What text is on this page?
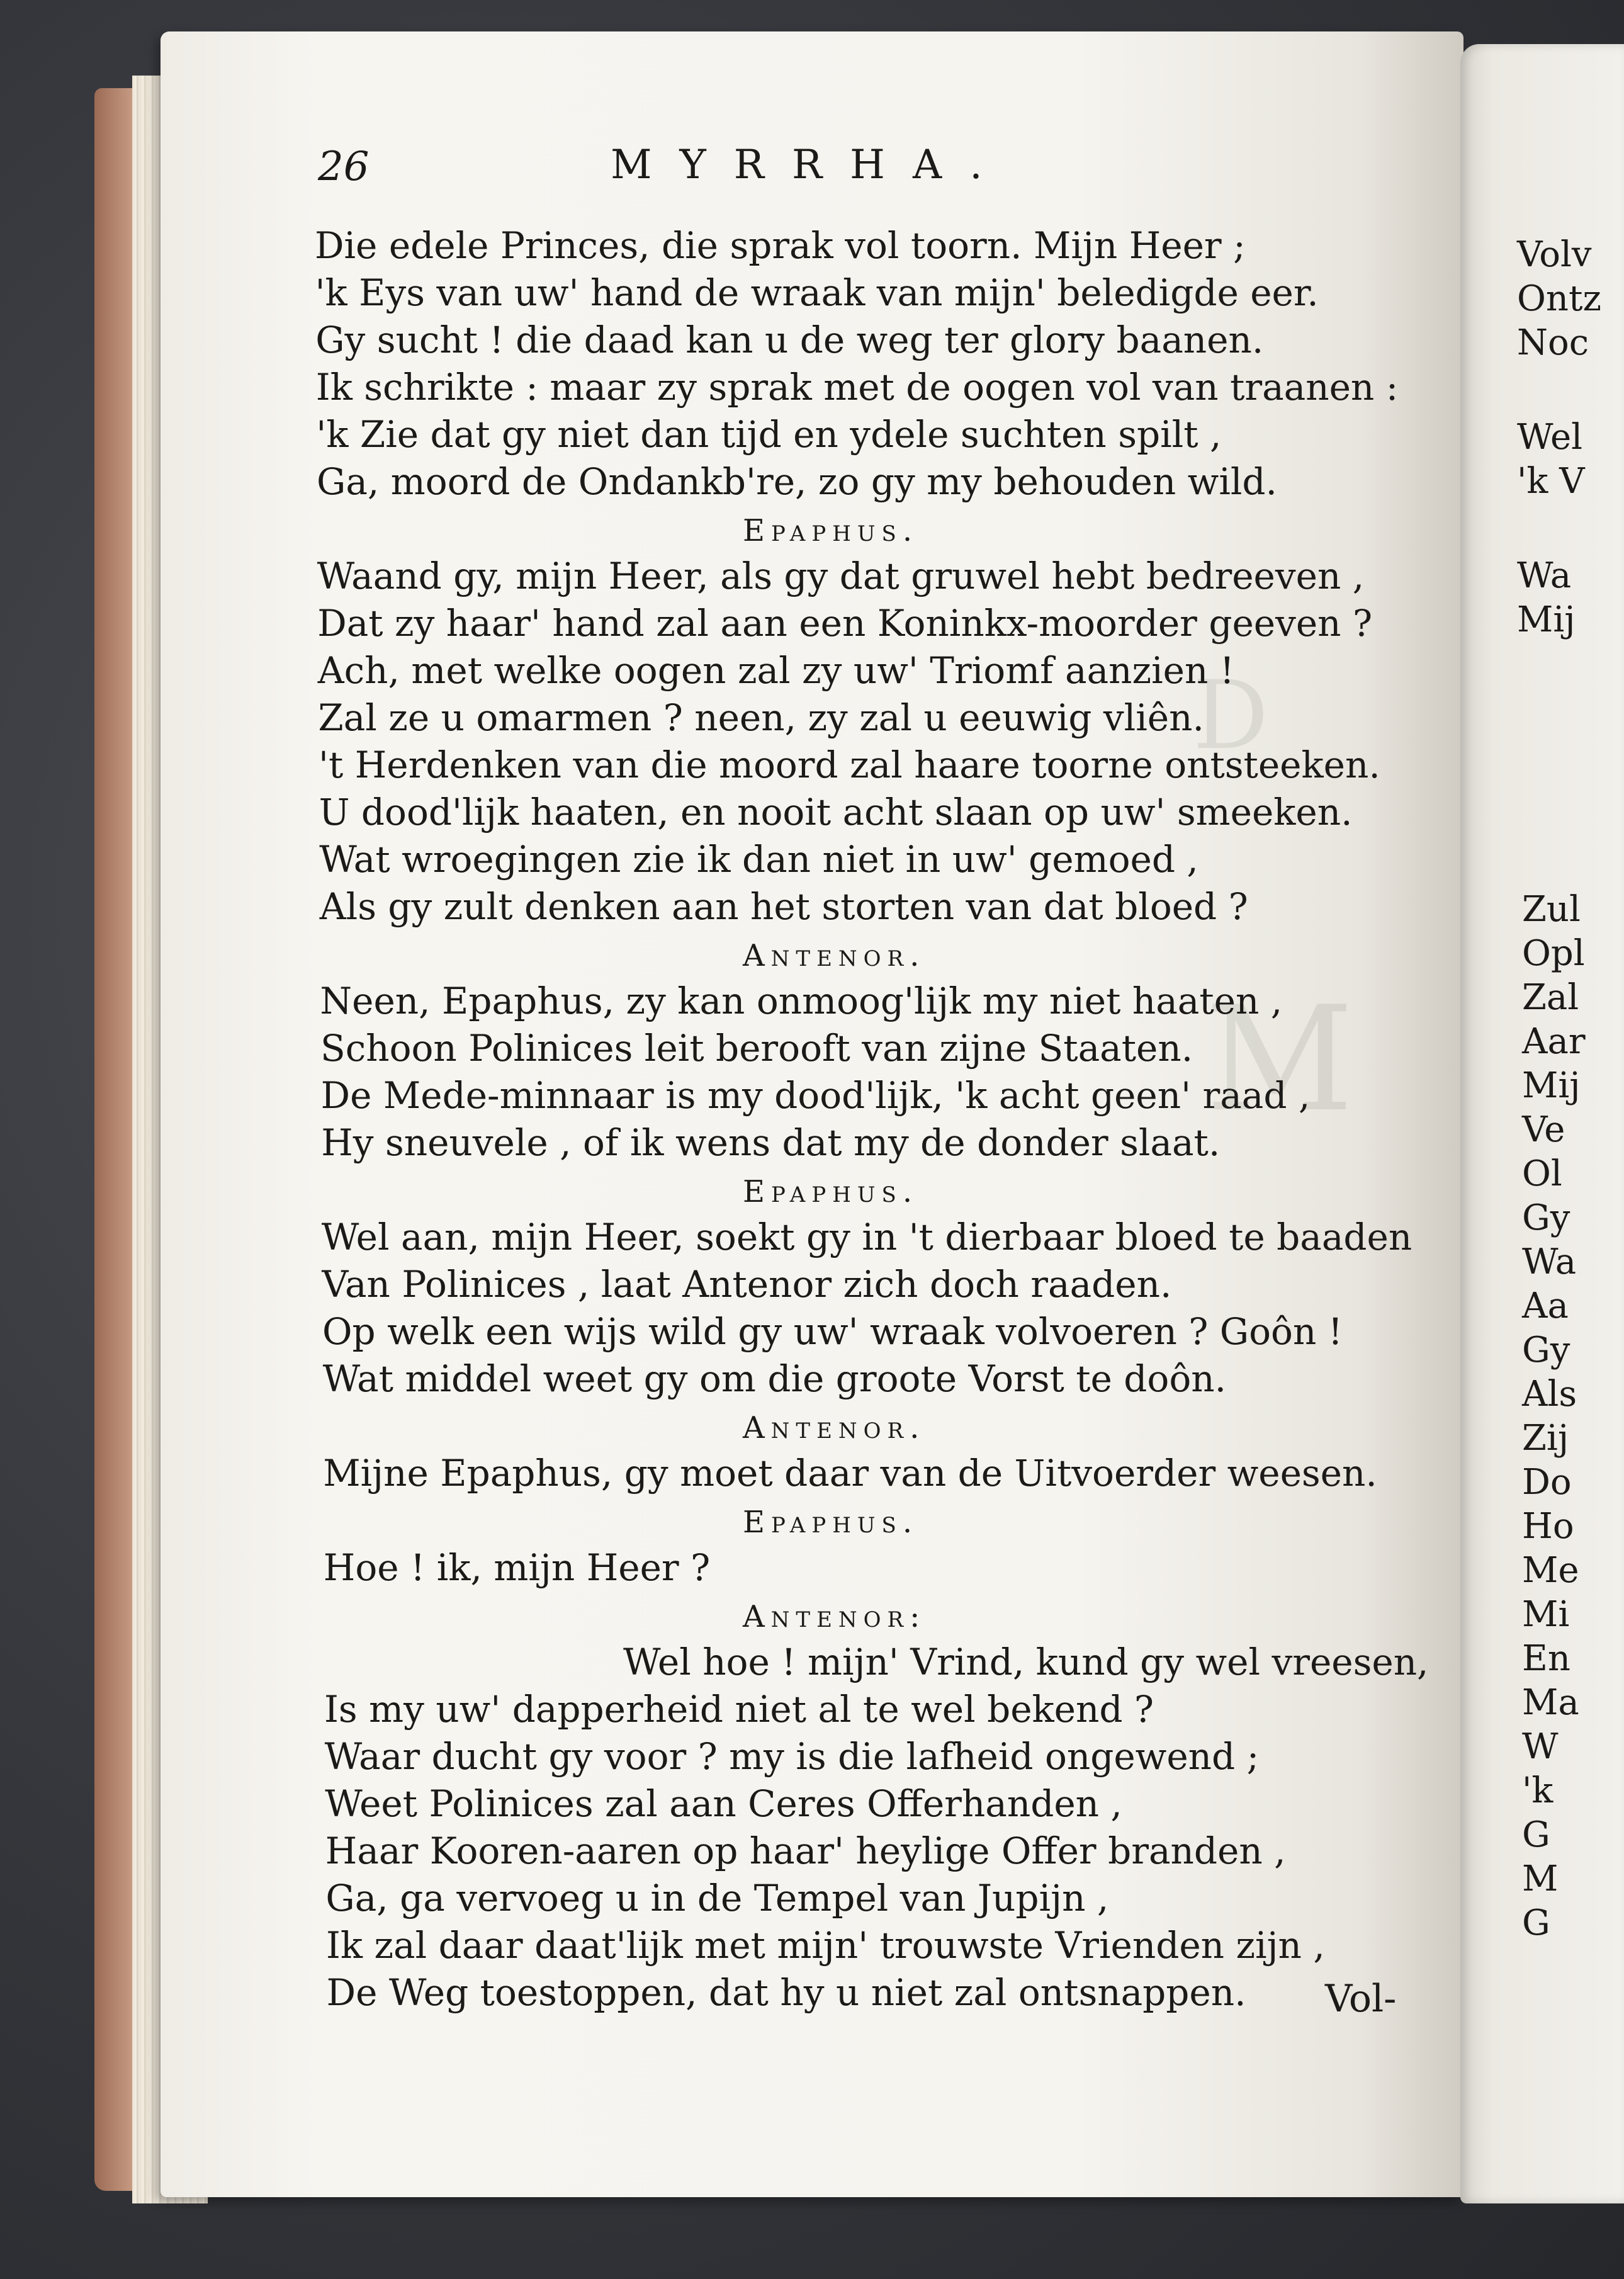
D
M
26	MYRRHA.
Vol-
Die edele Princes, die sprak vol toorn. Mijn Heer ;
'k Eys van uw' hand de wraak van mijn' beledigde eer.
Gy sucht ! die daad kan u de weg ter glory baanen.
Ik schrikte : maar zy sprak met de oogen vol van traanen :
'k Zie dat gy niet dan tijd en ydele suchten spilt ,
Ga, moord de Ondankb're, zo gy my behouden wild.
Epaphus.
Waand gy, mijn Heer, als gy dat gruwel hebt bedreeven ,
Dat zy haar' hand zal aan een Koninkx-moorder geeven ?
Ach, met welke oogen zal zy uw' Triomf aanzien !
Zal ze u omarmen ? neen, zy zal u eeuwig vliên.
't Herdenken van die moord zal haare toorne ontsteeken.
U dood'lijk haaten, en nooit acht slaan op uw' smeeken.
Wat wroegingen zie ik dan niet in uw' gemoed ,
Als gy zult denken aan het storten van dat bloed ?
Antenor.
Neen, Epaphus, zy kan onmoog'lijk my niet haaten ,
Schoon Polinices leit berooft van zijne Staaten.
De Mede-minnaar is my dood'lijk, 'k acht geen' raad ,
Hy sneuvele , of ik wens dat my de donder slaat.
Epaphus.
Wel aan, mijn Heer, soekt gy in 't dierbaar bloed te baaden
Van Polinices , laat Antenor zich doch raaden.
Op welk een wijs wild gy uw' wraak volvoeren ? Goôn !
Wat middel weet gy om die groote Vorst te doôn.
Antenor.
Mijne Epaphus, gy moet daar van de Uitvoerder weesen.
Epaphus.
Hoe ! ik, mijn Heer ?
Antenor:
Wel hoe ! mijn' Vrind, kund gy wel vreesen,
Is my uw' dapperheid niet al te wel bekend ?
Waar ducht gy voor ? my is die lafheid ongewend ;
Weet Polinices zal aan Ceres Offerhanden ,
Haar Kooren-aaren op haar' heylige Offer branden ,
Ga, ga vervoeg u in de Tempel van Jupijn ,
Ik zal daar daat'lijk met mijn' trouwste Vrienden zijn ,
De Weg toestoppen, dat hy u niet zal ontsnappen.
Volv
Ontz
Noc
Wel
'k V
Wa
Mij
Zul
Opl
Zal
Aar
Mij
Ve
Ol
Gy
Wa
Aa
Gy
Als
Zij
Do
Ho
Me
Mi
En
Ma
W
'k
G
M
G
